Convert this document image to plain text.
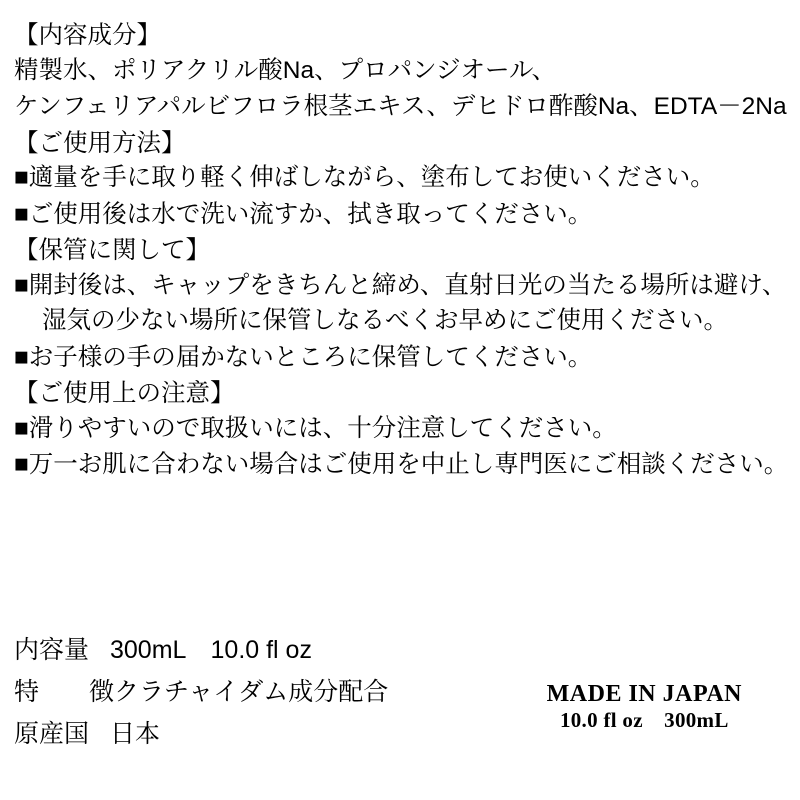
【内容成分】
精製水、ポリアクリル酸Na、プロパンジオール、
ケンフェリアパルビフロラ根茎エキス、デヒドロ酢酸Na、EDTA－2Na
【ご使用方法】
■適量を手に取り軽く伸ばしながら、塗布してお使いください。
■ご使用後は水で洗い流すか、拭き取ってください。
【保管に関して】
■開封後は、キャップをきちんと締め、直射日光の当たる場所は避け、
湿気の少ない場所に保管しなるべくお早めにご使用ください。
■お子様の手の届かないところに保管してください。
【ご使用上の注意】
■滑りやすいので取扱いには、十分注意してください。
■万一お肌に合わない場合はご使用を中止し専門医にご相談ください。
内容量 300mL　10.0 fl oz
特　　徴クラチャイダム成分配合
原産国 日本
MADE IN JAPAN
10.0 fl oz　300mL
